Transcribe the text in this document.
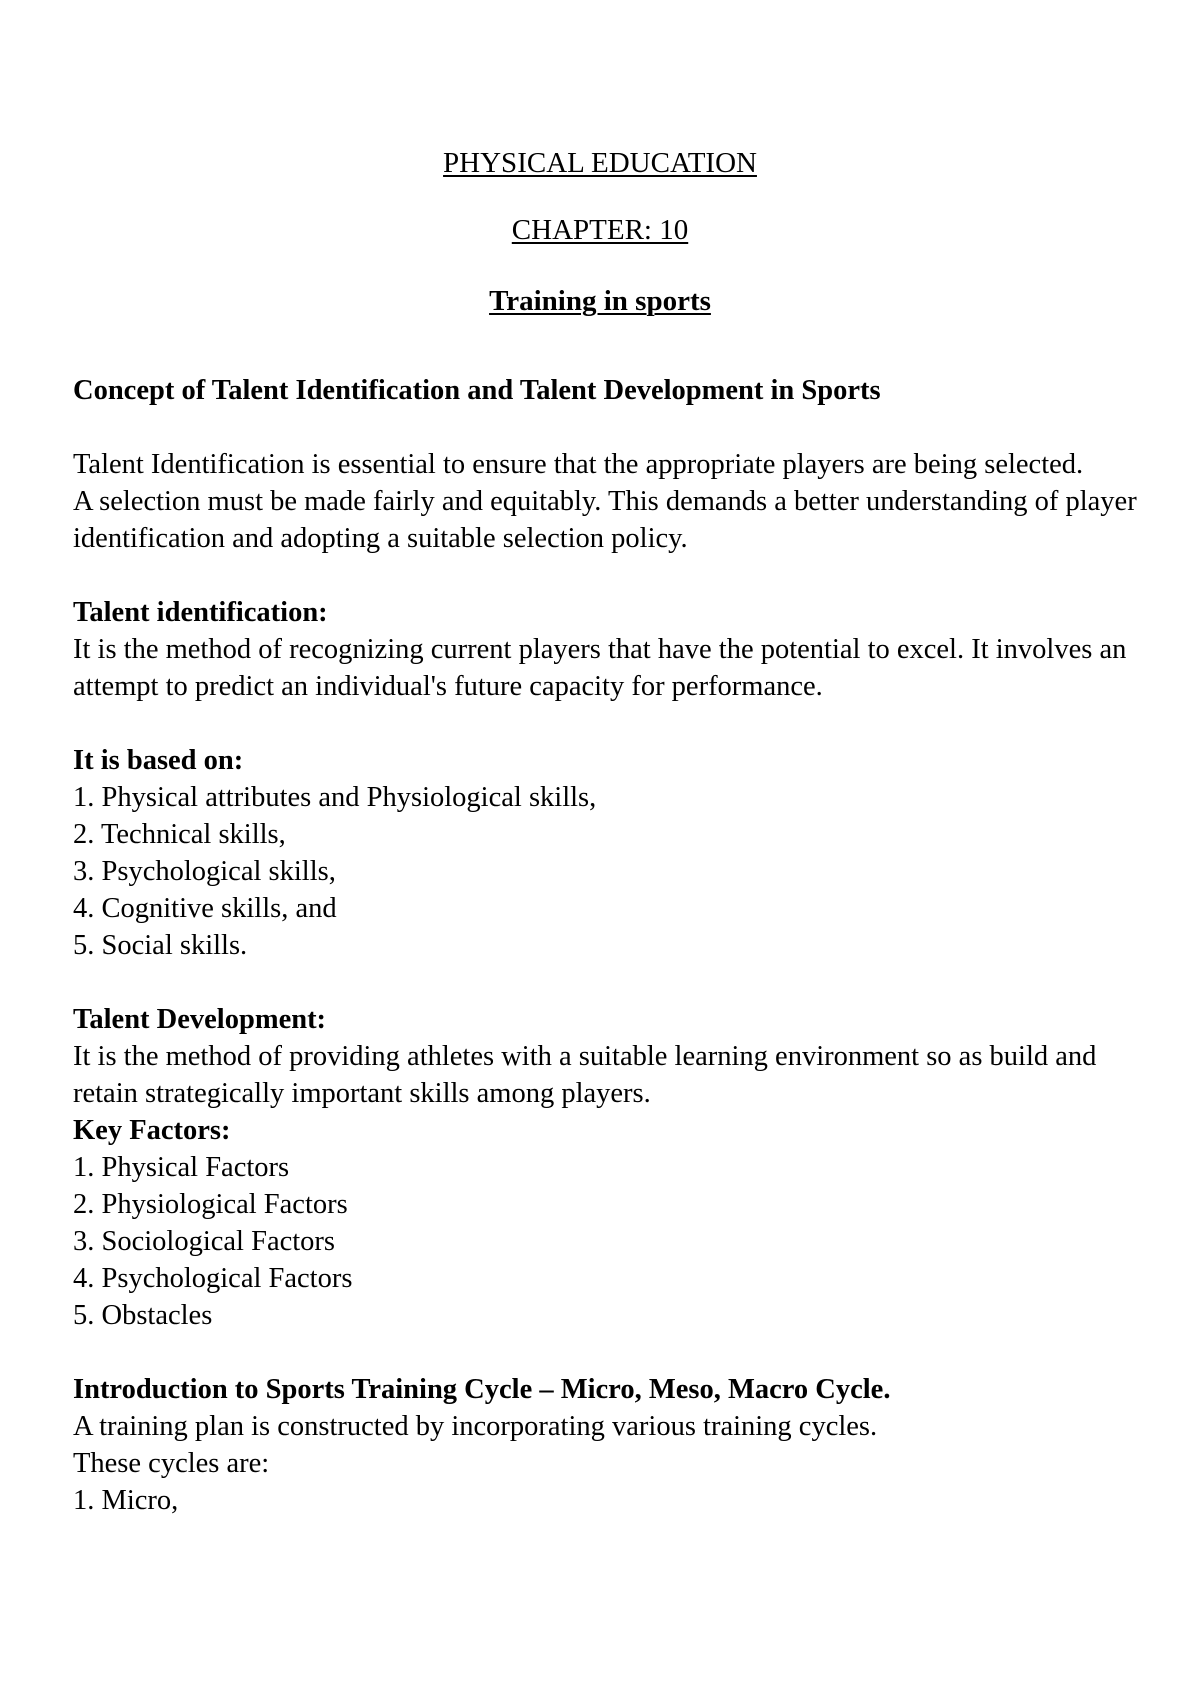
PHYSICAL EDUCATION
CHAPTER: 10
Training in sports

Concept of Talent Identification and Talent Development in Sports

Talent Identification is essential to ensure that the appropriate players are being selected.

A selection must be made fairly and equitably. This demands a better understanding of player identification and adopting a suitable selection policy.

Talent identification:

It is the method of recognizing current players that have the potential to excel. It involves an attempt to predict an individual's future capacity for performance.

It is based on:

1. Physical attributes and Physiological skills,

2. Technical skills,

3. Psychological skills,

4. Cognitive skills, and

5. Social skills.

Talent Development:

It is the method of providing athletes with a suitable learning environment so as build and retain strategically important skills among players.

Key Factors:

1. Physical Factors

2. Physiological Factors

3. Sociological Factors

4. Psychological Factors

5. Obstacles

Introduction to Sports Training Cycle – Micro, Meso, Macro Cycle.

A training plan is constructed by incorporating various training cycles.

These cycles are:

1. Micro,
